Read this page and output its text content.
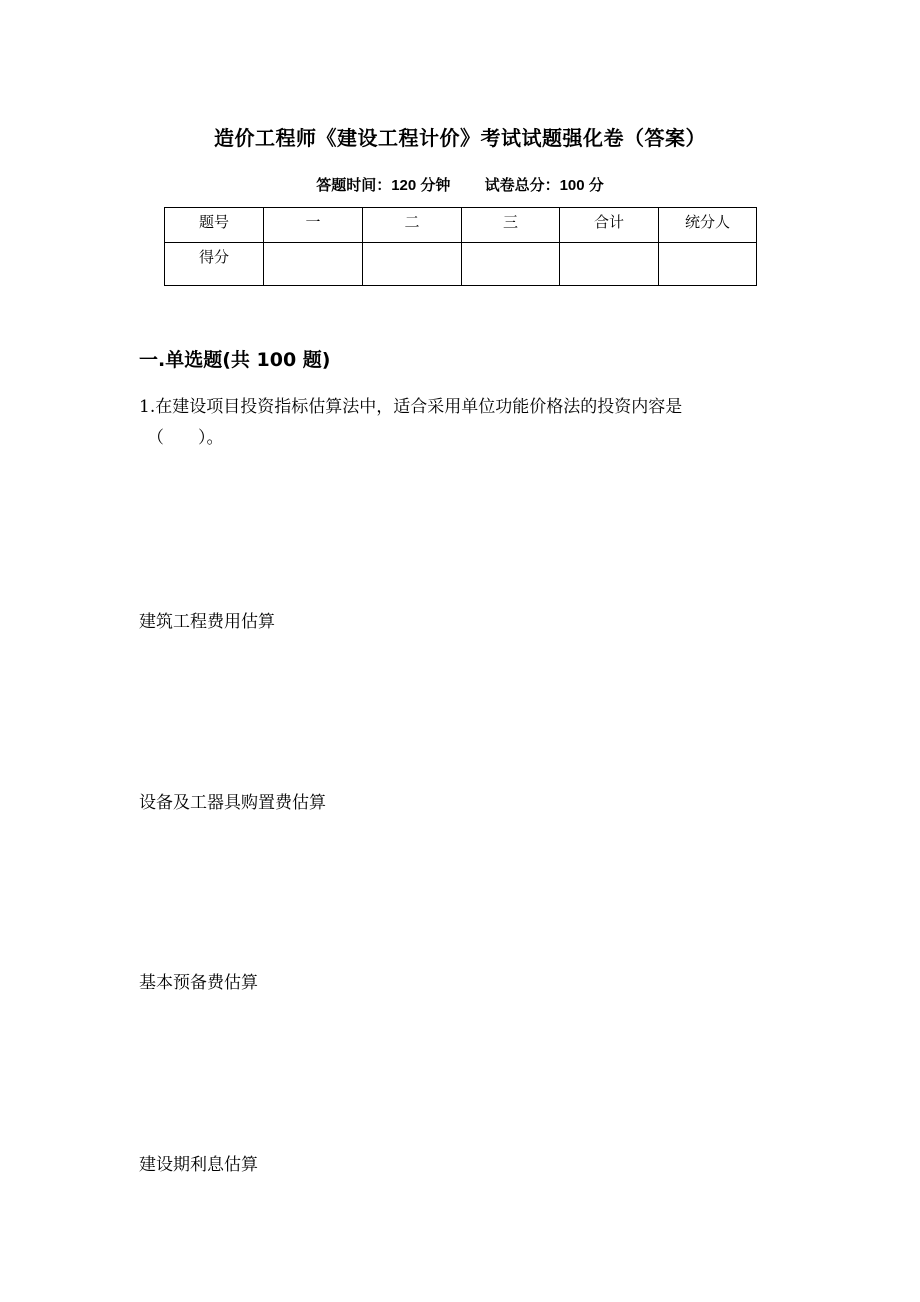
造价工程师《建设工程计价》考试试题强化卷（答案）
答题时间：120 分钟 试卷总分：100 分
题号	一	二	三	合计	统分人
得分					
一.单选题(共 100 题)
1.在建设项目投资指标估算法中，适合采用单位功能价格法的投资内容是
（　　）。
建筑工程费用估算
设备及工器具购置费估算
基本预备费估算
建设期利息估算
